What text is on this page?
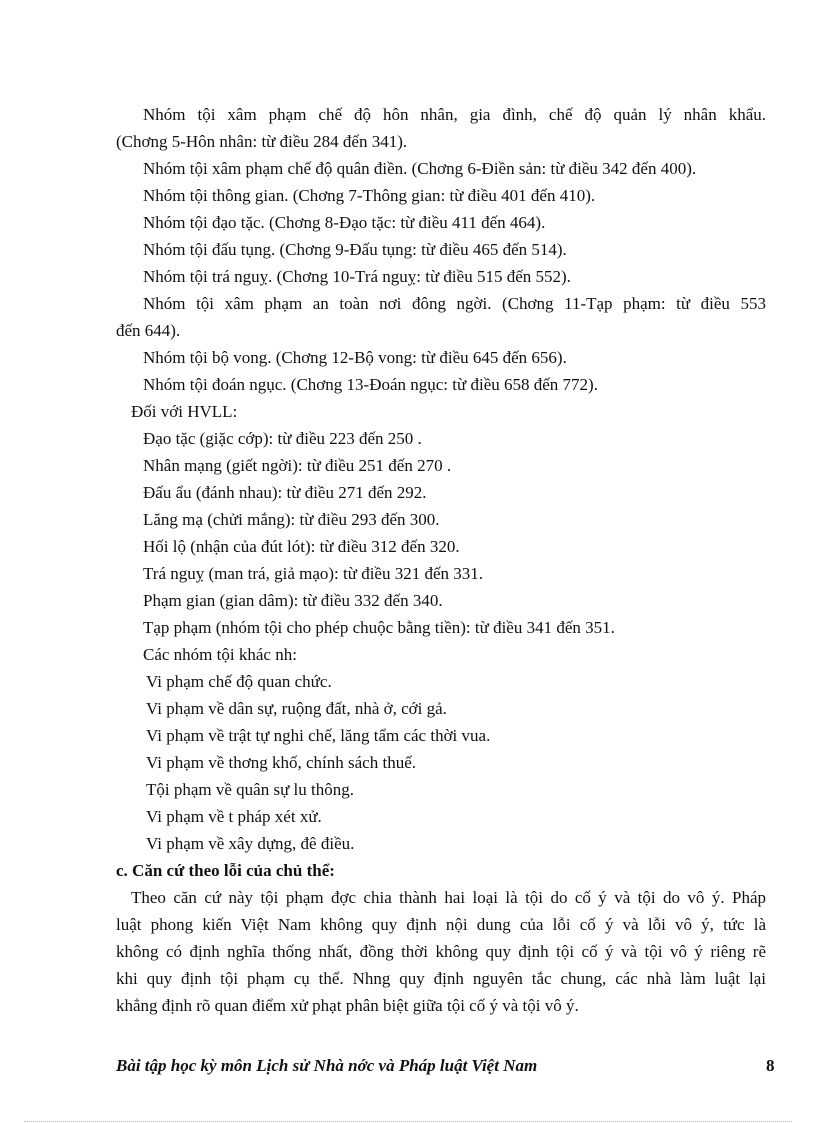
Nhóm tội xâm phạm chế độ hôn nhân, gia đình, chế độ quản lý nhân khẩu.
(Chơng 5-Hôn nhân: từ điều 284 đến 341).
Nhóm tội xâm phạm chế độ quân điền. (Chơng 6-Điền sản: từ điều 342 đến 400).
Nhóm tội thông gian. (Chơng 7-Thông gian: từ điều 401 đến 410).
Nhóm tội đạo tặc. (Chơng 8-Đạo tặc: từ điều 411 đến 464).
Nhóm tội đấu tụng. (Chơng 9-Đấu tụng: từ điều 465 đến 514).
Nhóm tội trá nguỵ. (Chơng 10-Trá nguỵ: từ điều 515 đến 552).
Nhóm tội xâm phạm an toàn nơi đông ngời. (Chơng 11-Tạp phạm: từ điều 553
đến 644).
Nhóm tội bộ vong. (Chơng 12-Bộ vong: từ điều 645 đến 656).
Nhóm tội đoán ngục. (Chơng 13-Đoán ngục: từ điều 658 đến 772).
Đối với HVLL:
Đạo tặc (giặc cớp): từ điều 223 đến 250 .
Nhân mạng (giết ngời): từ điều 251 đến 270 .
Đấu ẩu (đánh nhau): từ điều 271 đến 292.
Lăng mạ (chửi mắng): từ điều 293 đến 300.
Hối lộ (nhận của đút lót): từ điều 312 đến 320.
Trá nguỵ (man trá, giả mạo): từ điều 321 đến 331.
Phạm gian (gian dâm): từ điều 332 đến 340.
Tạp phạm (nhóm tội cho phép chuộc bằng tiền): từ điều 341 đến 351.
Các nhóm tội khác nh:
Vi phạm chế độ quan chức.
Vi phạm về dân sự, ruộng đất, nhà ở, cới gả.
Vi phạm về trật tự nghi chế, lăng tẩm các thời vua.
Vi phạm về thơng khố, chính sách thuế.
Tội phạm về quân sự lu thông.
Vi phạm về t pháp xét xử.
Vi phạm về xây dựng, đê điều.
c. Căn cứ theo lỗi của chủ thể:
Theo căn cứ này tội phạm đợc chia thành hai loại là tội do cố ý và tội do vô ý. Pháp
luật phong kiến Việt Nam không quy định nội dung của lỗi cố ý và lỗi vô ý, tức là
không có định nghĩa thống nhất, đồng thời không quy định tội cố ý và tội vô ý riêng rẽ
khi quy định tội phạm cụ thể. Nhng quy định nguyên tắc chung, các nhà làm luật lại
khẳng định rõ quan điểm xử phạt phân biệt giữa tội cố ý và tội vô ý.
Bài tập học kỳ môn Lịch sử Nhà nớc và Pháp luật Việt Nam	8
